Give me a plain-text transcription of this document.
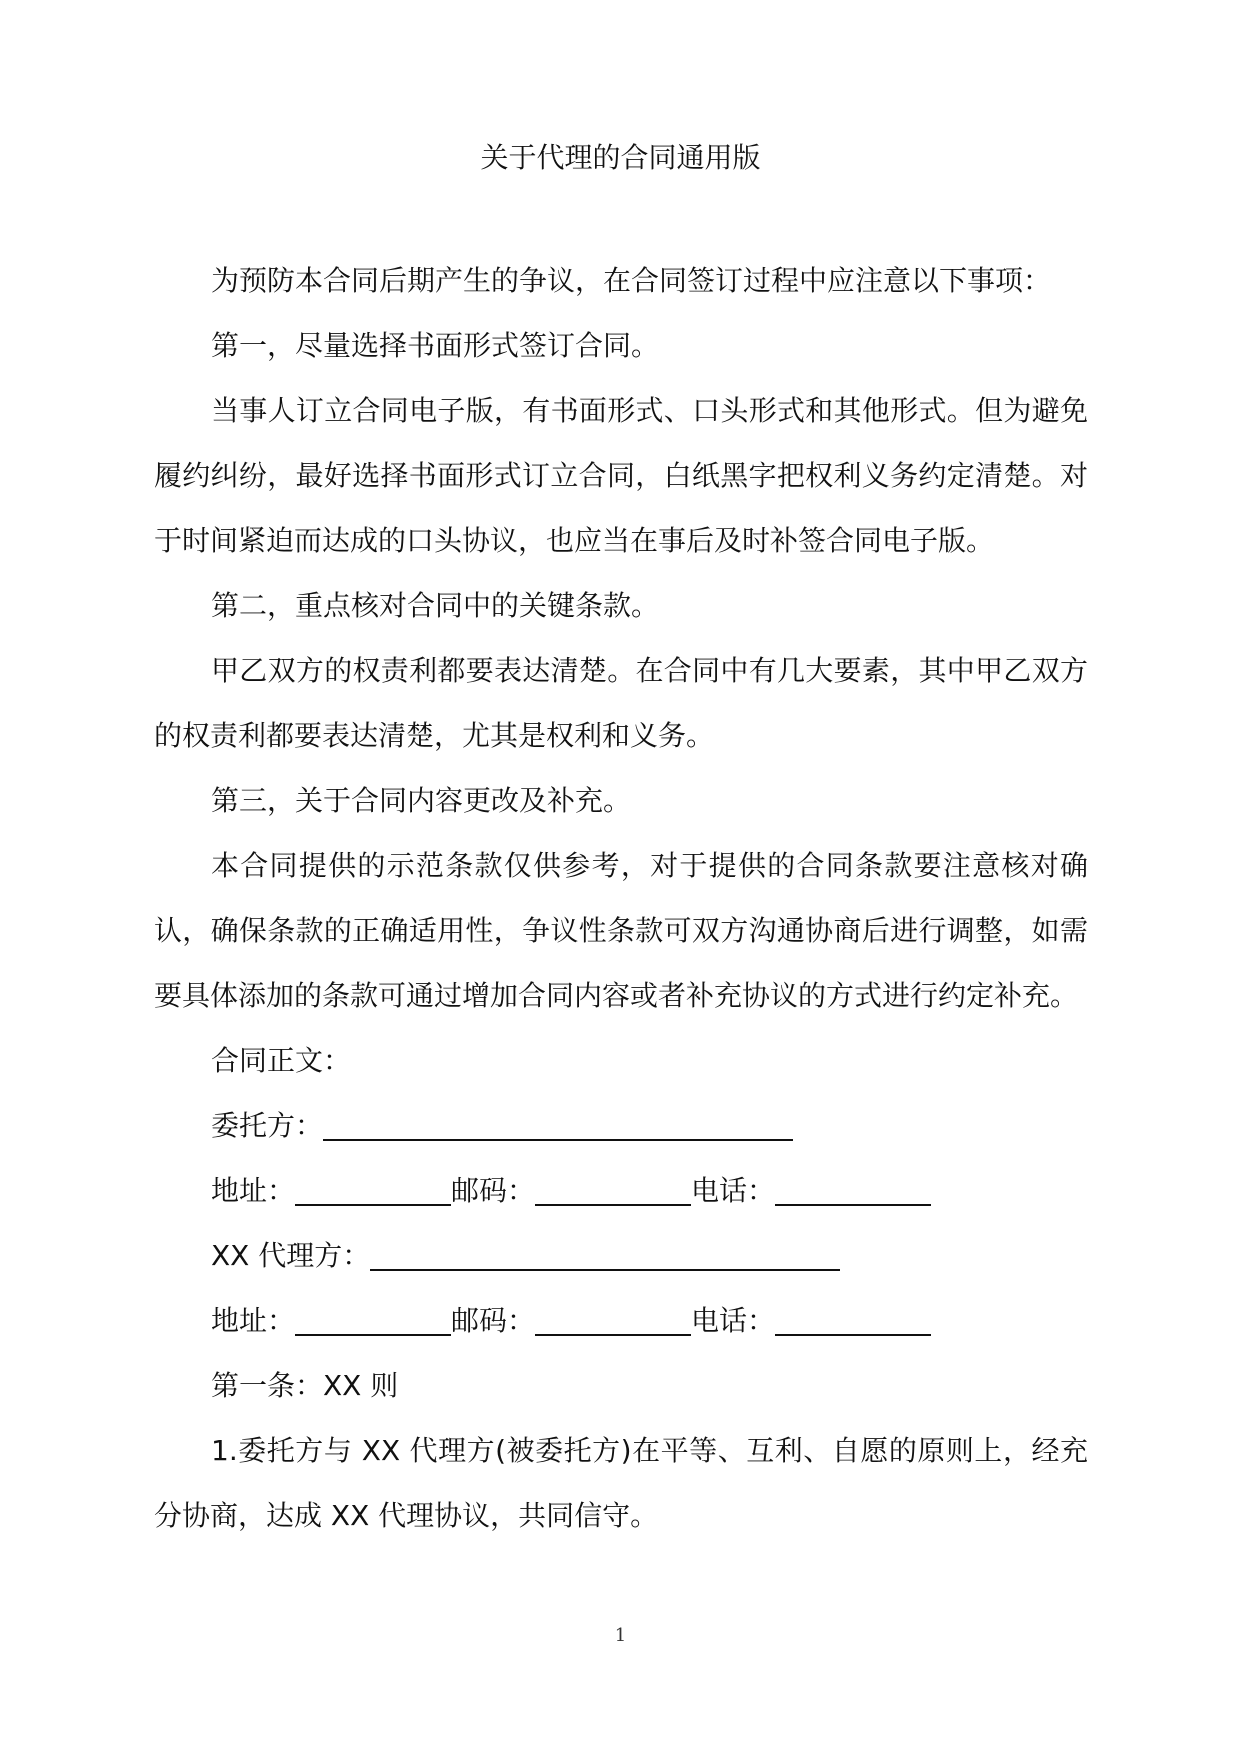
关于代理的合同通用版

为预防本合同后期产生的争议，在合同签订过程中应注意以下事项：

第一，尽量选择书面形式签订合同。

当事人订立合同电子版，有书面形式、口头形式和其他形式。但为避免履约纠纷，最好选择书面形式订立合同，白纸黑字把权利义务约定清楚。对于时间紧迫而达成的口头协议，也应当在事后及时补签合同电子版。

第二，重点核对合同中的关键条款。

甲乙双方的权责利都要表达清楚。在合同中有几大要素，其中甲乙双方的权责利都要表达清楚，尤其是权利和义务。

第三，关于合同内容更改及补充。

本合同提供的示范条款仅供参考，对于提供的合同条款要注意核对确认，确保条款的正确适用性，争议性条款可双方沟通协商后进行调整，如需要具体添加的条款可通过增加合同内容或者补充协议的方式进行约定补充。

合同正文：

委托方：

地址：	邮码：	电话：

XX 代理方：

地址：	邮码：	电话：

第一条：XX 则

1.委托方与 XX 代理方(被委托方)在平等、互利、自愿的原则上，经充分协商，达成 XX 代理协议，共同信守。

1
